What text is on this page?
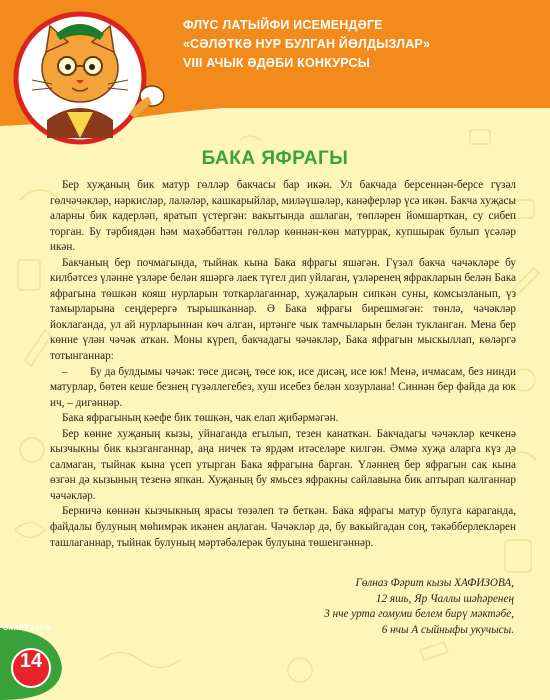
ФЛҮС ЛАТЫЙФИ ИСЕМЕНДӘГЕ
«СӘЛӘТКӘ НУР БУЛГАН ЙӨЛДЫЗЛАР»
VIII АЧЫК ӘДӘБИ КОНКУРСЫ
БАКА ЯФРАГЫ

Бер хуҗаның бик матур гөлләр бакчасы бар икән. Ул бакчада берсеннән-берсе гүзәл гөлчәчәкләр, нәркисләр, лаләләр, кашкарыйлар, миләүшәләр, канәферләр үсә икән. Бакча хуҗасы аларны бик кадерләп, яратып үстергән: вакытында ашлаган, төпләрен йомшарткан, су сибеп торган. Бу тәрбиядән һәм мәхәббәттән гөлләр көннән-көн матуррак, купшырак булып үсәләр икән.

Бакчаның бер почмагында, тыйнак кына Бака яфрагы яшәгән. Гүзәл бакча чәчәкләре бу килбәтсез үләнне үзләре белән яшәргә лаек түгел дип уйлаган, үзләренең яфракларын белән Бака яфрагына төшкән кояш нурларын тоткарлаганнар, хуҗаларын сипкән суны, комсызланып, үз тамырларына сеңдерергә тырышканнар. Ә Бака яфрагы бирешмәгән: төнлә, чәчәкләр йоклаганда, ул ай нурларыннан көч алган, иртәнге чык тамчыларын белән тукланган. Мена бер көнне үлән чәчәк аткан. Моны күреп, бакчадагы чәчәкләр, Бака яфрагын мыскыллап, көләргә тотынганнар:

– Бу да булдымы чәчәк: төсе дисәң, төсе юк, исе дисәң, исе юк! Менә, ичмасам, без нинди матурлар, бөтен кеше безнең гүзәллегебез, хуш исебез белән хозурлана! Синнән бер файда да юк ич, – дигәннәр.

Бака яфрагының кәефе бик төшкән, чак елап җибәрмәгән.

Бер көнне хуҗаның кызы, уйнаганда егылып, тезен канаткан. Бакчадагы чәчәкләр кечкенә кызчыкны бик кызганганнар, аңа ничек тә ярдәм итәселәре килгән. Әммә хуҗа аларга күз дә салмаган, тыйнак кына үсеп утырган Бака яфрагына барган. Үләннең бер яфрагын сак кына өзгән дә кызының тезенә япкан. Хуҗаның бу ямьсез яфракны сайлавына бик аптырап калганнар чәчәкләр.

Берничә көннән кызчыкның ярасы төзәлеп тә беткән. Бака яфрагы матур булуга караганда, файдалы булуның мөһимрәк икәнен аңлаган. Чәчәкләр дә, бу вакыйгадан соң, тәкәбберлекләрен ташлаганнар, тыйнак булуның мәртәбәлерәк булуына төшенгәннәр.

Гөлназ Фәрит кызы ХАФИЗОВА,
12 яшь, Яр Чаллы шәһәренең
3 нче урта гомуми белем бирү мәктәбе,
6 нчы А сыйныфы укучысы.
ӘКИЯТХАНӘ
14
